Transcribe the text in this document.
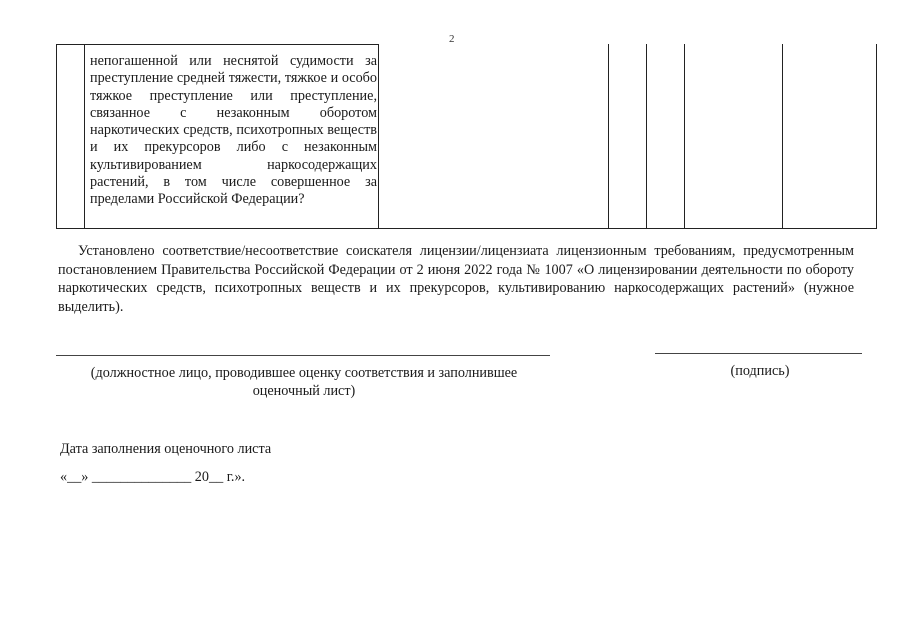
2
непогашенной или неснятой судимости за преступление средней тяжести, тяжкое и особо тяжкое преступление или преступление, связанное с незаконным оборотом наркотических средств, психотропных веществ и их прекурсоров либо с незаконным культивированием наркосодержащих растений, в том числе совершенное за пределами Российской Федерации?
Установлено соответствие/несоответствие соискателя лицензии/лицензиата лицензионным требованиям, предусмотренным постановлением Правительства Российской Федерации от 2 июня 2022 года № 1007 «О лицензировании деятельности по обороту наркотических средств, психотропных веществ и их прекурсоров, культивированию наркосодержащих растений» (нужное выделить).
(должностное лицо, проводившее оценку соответствия и заполнившее оценочный лист)
(подпись)
Дата заполнения оценочного листа
«__» ______________ 20__ г.».
